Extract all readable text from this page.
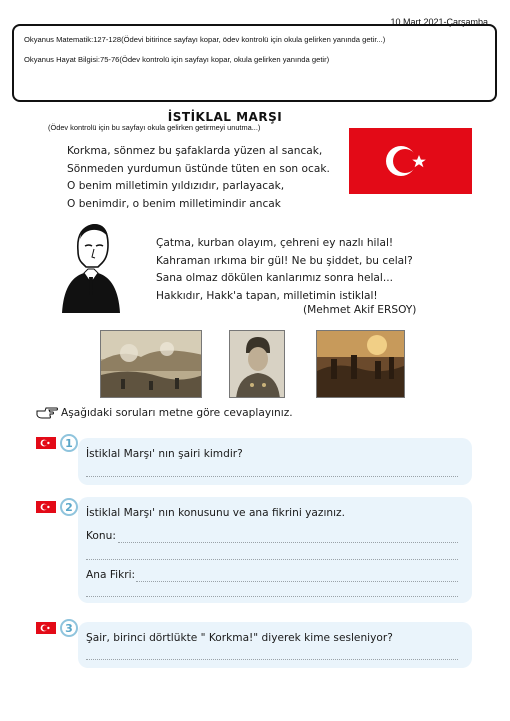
10 Mart 2021-Çarşamba
Okyanus Matematik:127-128(Ödevi bitirince sayfayı kopar, ödev kontrolü için okula gelirken yanında getir...)
Okyanus Hayat Bilgisi:75-76(Ödev kontrolü için sayfayı kopar, okula gelirken yanında getir)
İSTİKLAL MARŞI
(Ödev kontrolü için bu sayfayı okula gelirken getirmeyi unutma...)
Korkma, sönmez bu şafaklarda yüzen al sancak,
Sönmeden yurdumun üstünde tüten en son ocak.
O benim milletimin yıldızıdır, parlayacak,
O benimdir, o benim milletimindir ancak
Çatma, kurban olayım, çehreni ey nazlı hilal!
Kahraman ırkıma bir gül! Ne bu şiddet, bu celal?
Sana olmaz dökülen kanlarımız sonra helal...
Hakkıdır, Hakk'a tapan, milletimin istiklal!
(Mehmet Akif ERSOY)
Aşağıdaki soruları metne göre cevaplayınız.
1
İstiklal Marşı' nın şairi kimdir?
2	İstiklal Marşı' nın konusunu ve ana fikrini yazınız.
Konu:
Ana Fikri:
3
Şair, birinci dörtlükte " Korkma!" diyerek kime sesleniyor?
